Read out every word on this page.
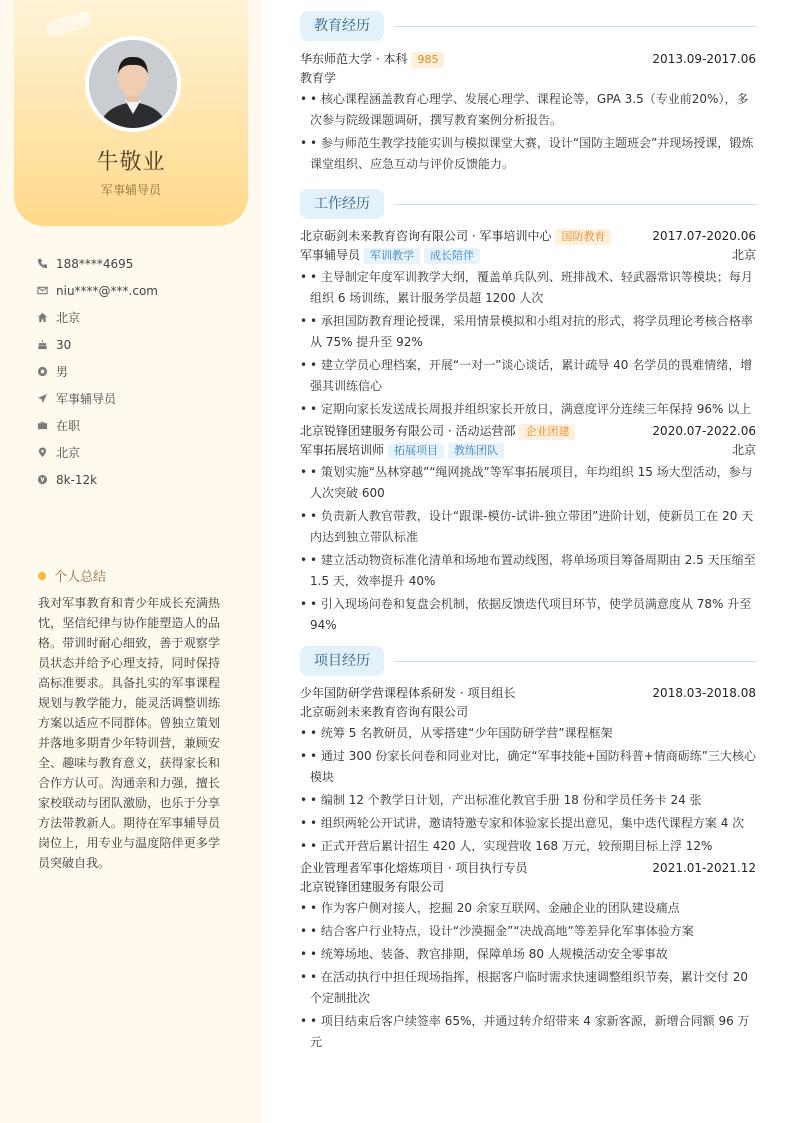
牛敬业
军事辅导员
188****4695
niu****@***.com
北京
30
男
军事辅导员
在职
北京
8k-12k
个人总结
我对军事教育和青少年成长充满热忱，坚信纪律与协作能塑造人的品格。带训时耐心细致，善于观察学员状态并给予心理支持，同时保持高标准要求。具备扎实的军事课程规划与教学能力，能灵活调整训练方案以适应不同群体。曾独立策划并落地多期青少年特训营，兼顾安全、趣味与教育意义，获得家长和合作方认可。沟通亲和力强，擅长家校联动与团队激励，也乐于分享方法带教新人。期待在军事辅导员岗位上，用专业与温度陪伴更多学员突破自我。
教育经历
华东师范大学 · 本科 985	2013.09-2017.06
教育学
• • 核心课程涵盖教育心理学、发展心理学、课程论等，GPA 3.5（专业前20%），多次参与院级课题调研，撰写教育案例分析报告。
• • 参与师范生教学技能实训与模拟课堂大赛，设计“国防主题班会”并现场授课，锻炼课堂组织、应急互动与评价反馈能力。
工作经历
北京砺剑未来教育咨询有限公司 · 军事培训中心 国防教育	2017.07-2020.06
军事辅导员 军训教学	成长陪伴	北京
• • 主导制定年度军训教学大纲，覆盖单兵队列、班排战术、轻武器常识等模块；每月组织 6 场训练，累计服务学员超 1200 人次
• • 承担国防教育理论授课，采用情景模拟和小组对抗的形式，将学员理论考核合格率从 75% 提升至 92%
• • 建立学员心理档案，开展“一对一”谈心谈话，累计疏导 40 名学员的畏难情绪，增强其训练信心
• • 定期向家长发送成长周报并组织家长开放日，满意度评分连续三年保持 96% 以上
北京锐锋团建服务有限公司 · 活动运营部 企业团建	2020.07-2022.06
军事拓展培训师 拓展项目	教练团队	北京
• • 策划实施“丛林穿越”“绳网挑战”等军事拓展项目，年均组织 15 场大型活动，参与人次突破 600
• • 负责新人教官带教，设计“跟课-模仿-试讲-独立带团”进阶计划，使新员工在 20 天内达到独立带队标准
• • 建立活动物资标准化清单和场地布置动线图，将单场项目筹备周期由 2.5 天压缩至 1.5 天，效率提升 40%
• • 引入现场问卷和复盘会机制，依据反馈迭代项目环节，使学员满意度从 78% 升至 94%
项目经历
少年国防研学营课程体系研发 · 项目组长	2018.03-2018.08
北京砺剑未来教育咨询有限公司
• • 统筹 5 名教研员，从零搭建“少年国防研学营”课程框架
• • 通过 300 份家长问卷和同业对比，确定“军事技能+国防科普+情商砺练”三大核心模块
• • 编制 12 个教学日计划，产出标准化教官手册 18 份和学员任务卡 24 张
• • 组织两轮公开试讲，邀请特邀专家和体验家长提出意见，集中迭代课程方案 4 次
• • 正式开营后累计招生 420 人，实现营收 168 万元，较预期目标上浮 12%
企业管理者军事化熔炼项目 · 项目执行专员	2021.01-2021.12
北京锐锋团建服务有限公司
• • 作为客户侧对接人，挖掘 20 余家互联网、金融企业的团队建设痛点
• • 结合客户行业特点，设计“沙漠掘金”“决战高地”等差异化军事体验方案
• • 统筹场地、装备、教官排期，保障单场 80 人规模活动安全零事故
• • 在活动执行中担任现场指挥，根据客户临时需求快速调整组织节奏，累计交付 20 个定制批次
• • 项目结束后客户续签率 65%，并通过转介绍带来 4 家新客源，新增合同额 96 万元
